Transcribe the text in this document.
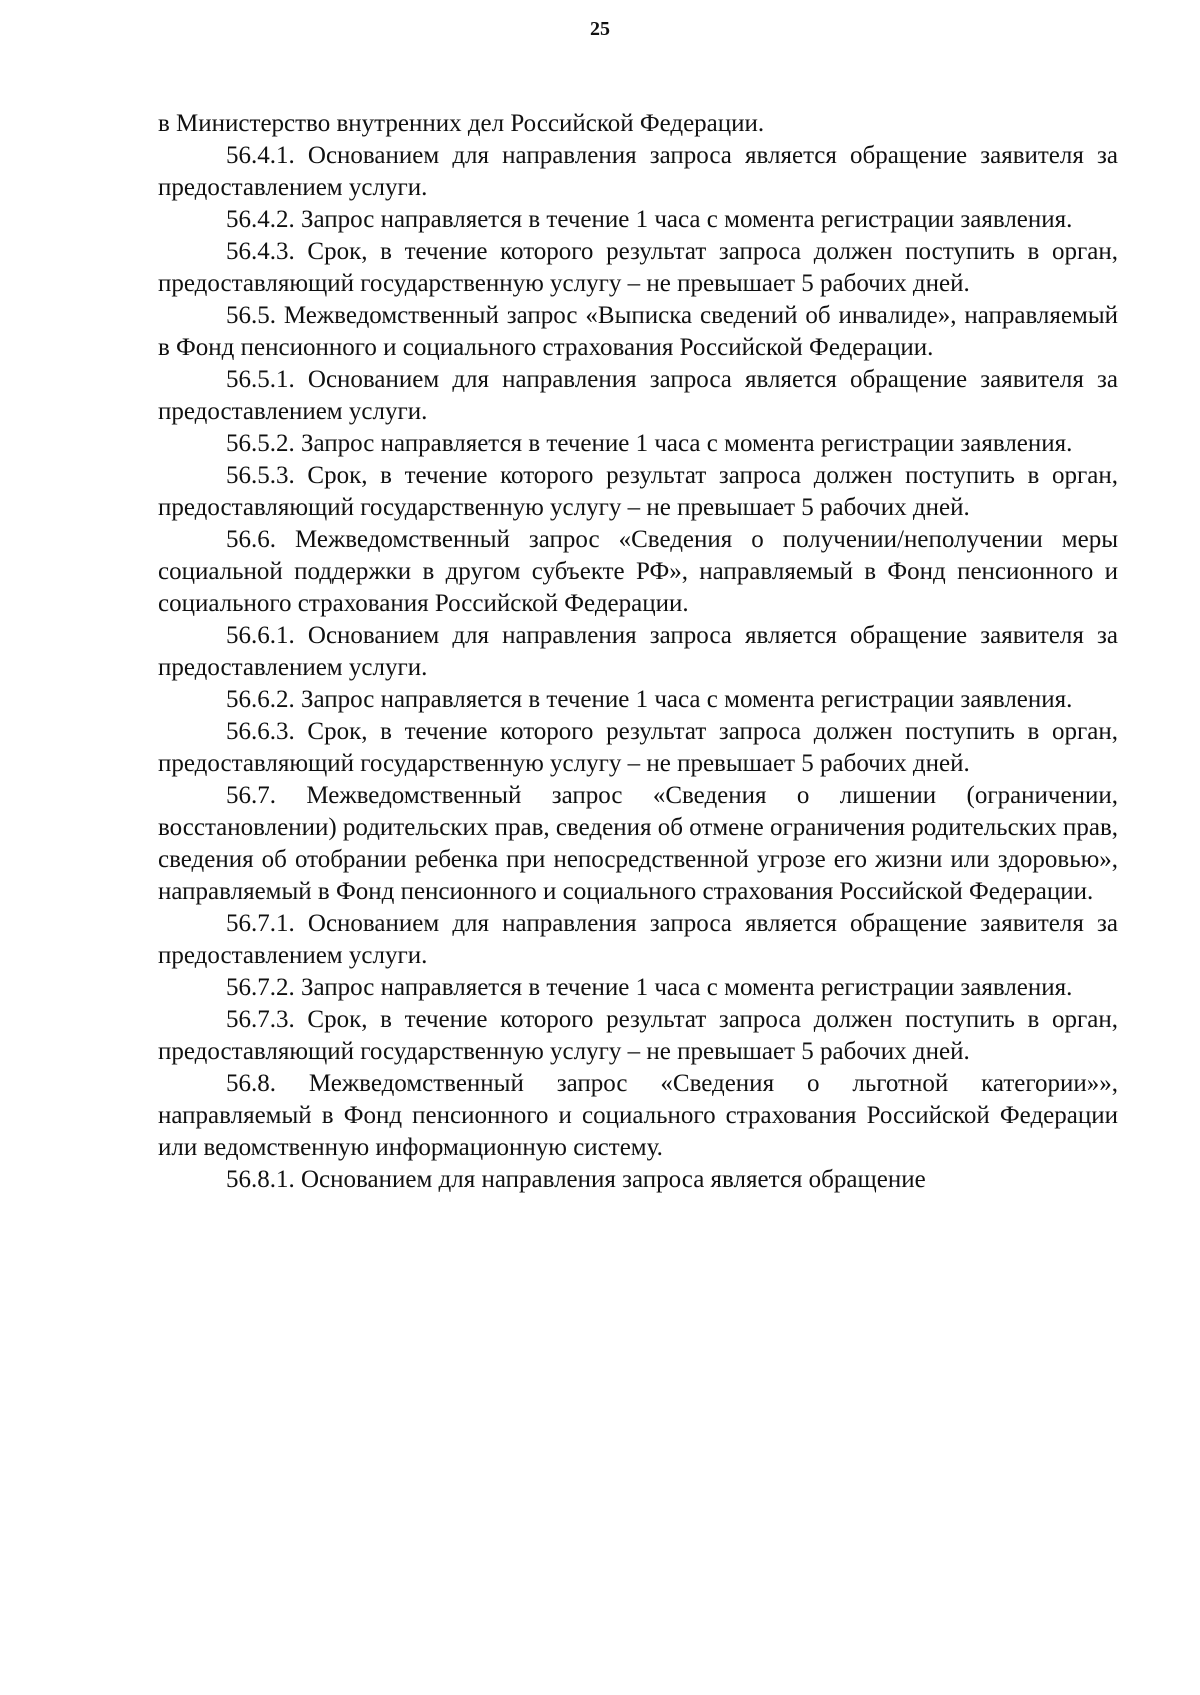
25

в Министерство внутренних дел Российской Федерации.

56.4.1. Основанием для направления запроса является обращение заявителя за предоставлением услуги.

56.4.2. Запрос направляется в течение 1 часа с момента регистрации заявления.

56.4.3. Срок, в течение которого результат запроса должен поступить в орган, предоставляющий государственную услугу – не превышает 5 рабочих дней.

56.5. Межведомственный запрос «Выписка сведений об инвалиде», направляемый в Фонд пенсионного и социального страхования Российской Федерации.

56.5.1. Основанием для направления запроса является обращение заявителя за предоставлением услуги.

56.5.2. Запрос направляется в течение 1 часа с момента регистрации заявления.

56.5.3. Срок, в течение которого результат запроса должен поступить в орган, предоставляющий государственную услугу – не превышает 5 рабочих дней.

56.6. Межведомственный запрос «Сведения о получении/неполучении меры социальной поддержки в другом субъекте РФ», направляемый в Фонд пенсионного и социального страхования Российской Федерации.

56.6.1. Основанием для направления запроса является обращение заявителя за предоставлением услуги.

56.6.2. Запрос направляется в течение 1 часа с момента регистрации заявления.

56.6.3. Срок, в течение которого результат запроса должен поступить в орган, предоставляющий государственную услугу – не превышает 5 рабочих дней.

56.7. Межведомственный запрос «Сведения о лишении (ограничении, восстановлении) родительских прав, сведения об отмене ограничения родительских прав, сведения об отобрании ребенка при непосредственной угрозе его жизни или здоровью», направляемый в Фонд пенсионного и социального страхования Российской Федерации.

56.7.1. Основанием для направления запроса является обращение заявителя за предоставлением услуги.

56.7.2. Запрос направляется в течение 1 часа с момента регистрации заявления.

56.7.3. Срок, в течение которого результат запроса должен поступить в орган, предоставляющий государственную услугу – не превышает 5 рабочих дней.

56.8. Межведомственный запрос «Сведения о льготной категории»», направляемый в Фонд пенсионного и социального страхования Российской Федерации или ведомственную информационную систему.

56.8.1. Основанием для направления запроса является обращение
